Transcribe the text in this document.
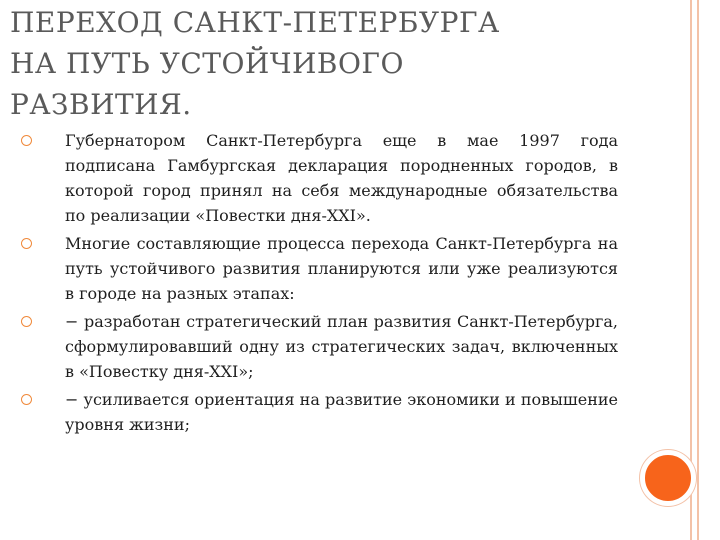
ПЕРЕХОД САНКТ-ПЕТЕРБУРГА
НА ПУТЬ УСТОЙЧИВОГО
РАЗВИТИЯ.
Губернатором Санкт-Петербурга еще в мае 1997 года подписана Гамбургская декларация породненных городов, в которой город принял на себя международные обязательства по реализации «Повестки дня-XXI».
Многие составляющие процесса перехода Санкт-Петербурга на путь устойчивого развития планируются или уже реализуются в городе на разных этапах:
− разработан стратегический план развития Санкт-Петербурга, сформулировавший одну из стратегических задач, включенных в «Повестку дня-XXI»;
− усиливается ориентация на развитие экономики и повышение уровня жизни;
